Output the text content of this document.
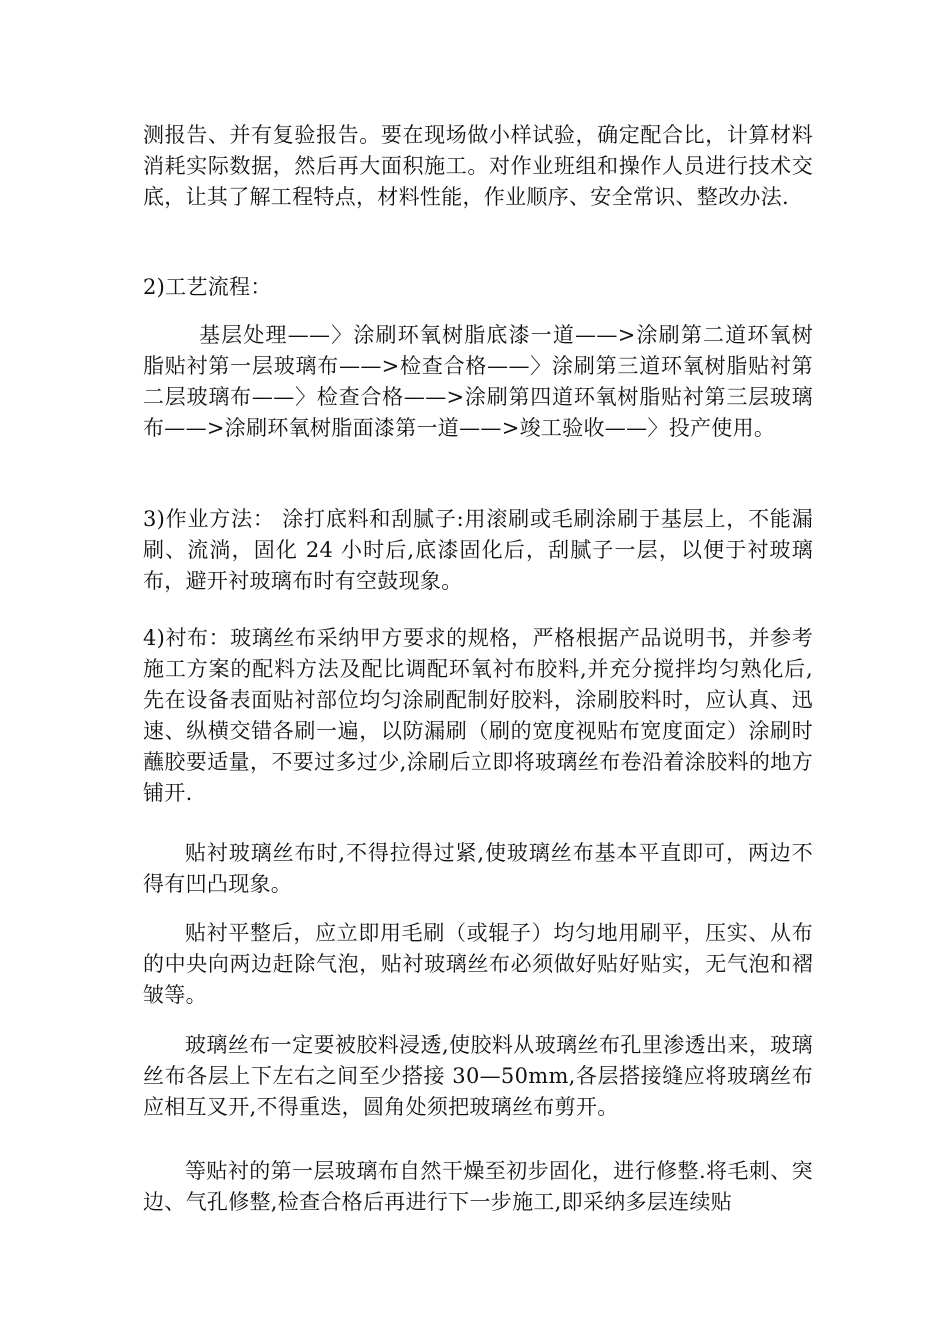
测报告、并有复验报告。要在现场做小样试验，确定配合比，计算材料消耗实际数据，然后再大面积施工。对作业班组和操作人员进行技术交底，让其了解工程特点，材料性能，作业顺序、安全常识、整改办法.

2)工艺流程：

基层处理——〉涂刷环氧树脂底漆一道——>涂刷第二道环氧树脂贴衬第一层玻璃布——>检查合格——〉涂刷第三道环氧树脂贴衬第二层玻璃布——〉检查合格——>涂刷第四道环氧树脂贴衬第三层玻璃布——>涂刷环氧树脂面漆第一道——>竣工验收——〉投产使用。

3)作业方法： 涂打底料和刮腻子:用滚刷或毛刷涂刷于基层上，不能漏刷、流淌，固化 24 小时后,底漆固化后，刮腻子一层，以便于衬玻璃布，避开衬玻璃布时有空鼓现象。

4)衬布：玻璃丝布采纳甲方要求的规格，严格根据产品说明书，并参考施工方案的配料方法及配比调配环氧衬布胶料,并充分搅拌均匀熟化后,先在设备表面贴衬部位均匀涂刷配制好胶料，涂刷胶料时，应认真、迅速、纵横交错各刷一遍，以防漏刷（刷的宽度视贴布宽度面定）涂刷时蘸胶要适量，不要过多过少,涂刷后立即将玻璃丝布卷沿着涂胶料的地方铺开.

贴衬玻璃丝布时,不得拉得过紧,使玻璃丝布基本平直即可，两边不得有凹凸现象。

贴衬平整后，应立即用毛刷（或辊子）均匀地用刷平，压实、从布的中央向两边赶除气泡，贴衬玻璃丝布必须做好贴好贴实，无气泡和褶皱等。

玻璃丝布一定要被胶料浸透,使胶料从玻璃丝布孔里渗透出来，玻璃丝布各层上下左右之间至少搭接 30—50mm,各层搭接缝应将玻璃丝布应相互叉开,不得重迭，圆角处须把玻璃丝布剪开。

等贴衬的第一层玻璃布自然干燥至初步固化，进行修整.将毛刺、突边、气孔修整,检查合格后再进行下一步施工,即采纳多层连续贴
